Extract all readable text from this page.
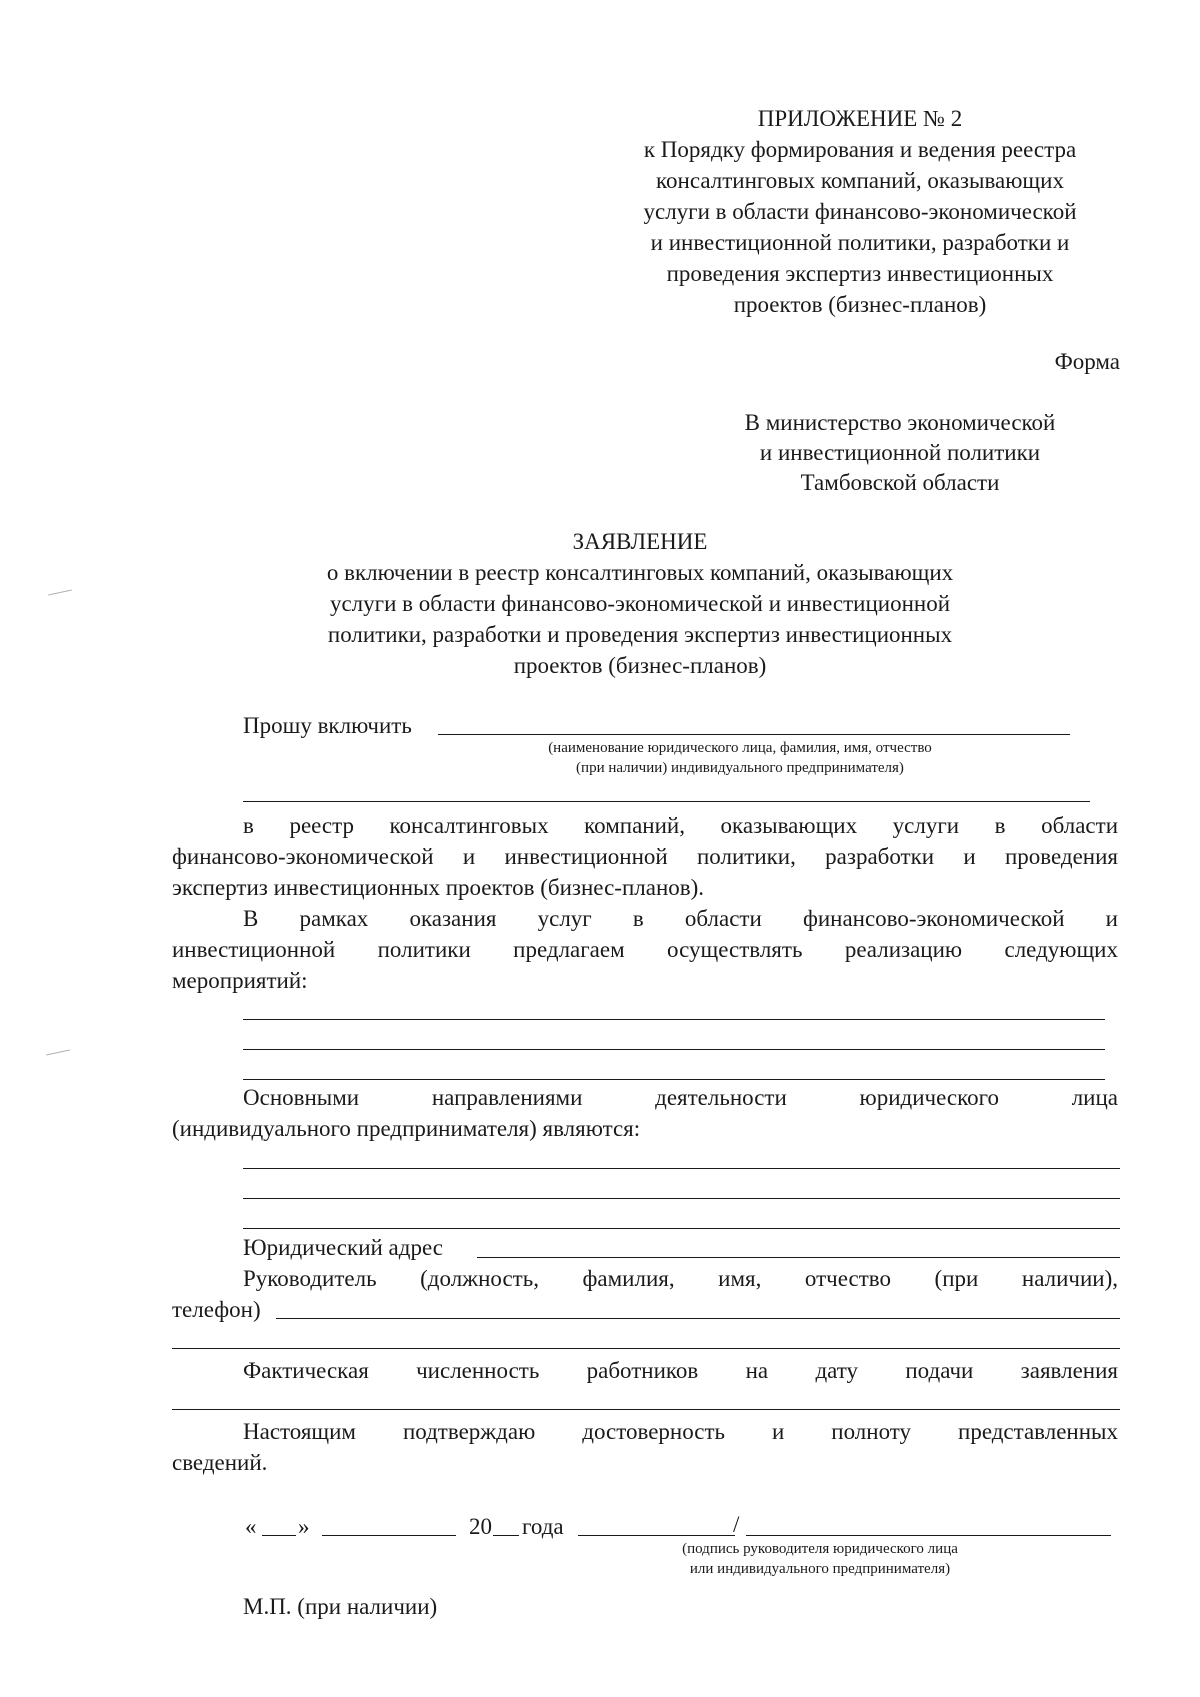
ПРИЛОЖЕНИЕ № 2
к Порядку формирования и ведения реестра
консалтинговых компаний, оказывающих
услуги в области финансово-экономической
и инвестиционной политики, разработки и
проведения экспертиз инвестиционных
проектов (бизнес-планов)
Форма
В министерство экономической
и инвестиционной политики
Тамбовской области
ЗАЯВЛЕНИЕ
о включении в реестр консалтинговых компаний, оказывающих
услуги в области финансово-экономической и инвестиционной
политики, разработки и проведения экспертиз инвестиционных
проектов (бизнес-планов)
Прошу включить
(наименование юридического лица, фамилия, имя, отчество
(при наличии) индивидуального предпринимателя)
в реестр консалтинговых компаний, оказывающих услуги в области
финансово-экономической и инвестиционной политики, разработки и проведения
экспертиз инвестиционных проектов (бизнес-планов).
В рамках оказания услуг в области финансово-экономической и
инвестиционной политики предлагаем осуществлять реализацию следующих
мероприятий:
Основными направлениями деятельности юридического лица
(индивидуального предпринимателя) являются:
Юридический адрес
Руководитель (должность, фамилия, имя, отчество (при наличии),
телефон)
Фактическая численность работников на дату подачи заявления
Настоящим подтверждаю достоверность и полноту представленных
сведений.
« »	20 года	/
(подпись руководителя юридического лица
или индивидуального предпринимателя)
М.П. (при наличии)
